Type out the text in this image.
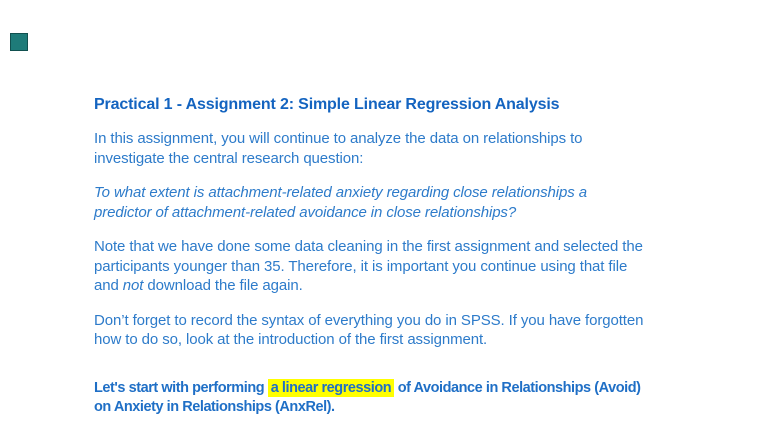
Practical 1 - Assignment 2: Simple Linear Regression Analysis
In this assignment, you will continue to analyze the data on relationships to
investigate the central research question:
To what extent is attachment-related anxiety regarding close relationships a
predictor of attachment-related avoidance in close relationships?
Note that we have done some data cleaning in the first assignment and selected the
participants younger than 35. Therefore, it is important you continue using that file
and not download the file again.
Don’t forget to record the syntax of everything you do in SPSS. If you have forgotten
how to do so, look at the introduction of the first assignment.
Let's start with performing a linear regression of Avoidance in Relationships (Avoid)
on Anxiety in Relationships (AnxRel).
